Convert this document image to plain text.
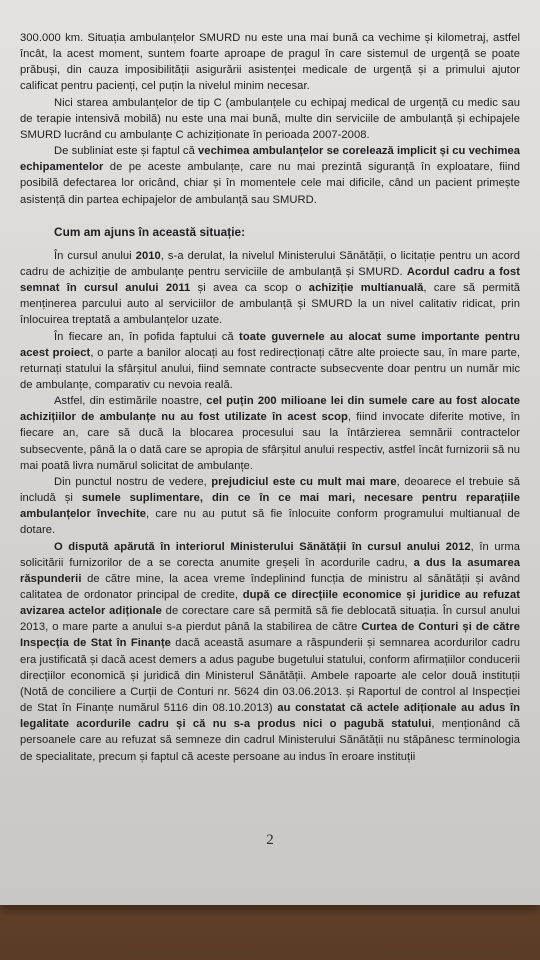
300.000 km. Situația ambulanțelor SMURD nu este una mai bună ca vechime și kilometraj, astfel încât, la acest moment, suntem foarte aproape de pragul în care sistemul de urgență se poate prăbuși, din cauza imposibilității asigurării asistenței medicale de urgență și a primului ajutor calificat pentru pacienți, cel puțin la nivelul minim necesar.

Nici starea ambulanțelor de tip C (ambulanțele cu echipaj medical de urgență cu medic sau de terapie intensivă mobilă) nu este una mai bună, multe din serviciile de ambulanță și echipajele SMURD lucrând cu ambulanțe C achiziționate în perioada 2007-2008.

De subliniat este și faptul că vechimea ambulanțelor se corelează implicit și cu vechimea echipamentelor de pe aceste ambulanțe, care nu mai prezintă siguranță în exploatare, fiind posibilă defectarea lor oricând, chiar și în momentele cele mai dificile, când un pacient primește asistență din partea echipajelor de ambulanță sau SMURD.

Cum am ajuns în această situație:

În cursul anului 2010, s-a derulat, la nivelul Ministerului Sănătății, o licitație pentru un acord cadru de achiziție de ambulanțe pentru serviciile de ambulanță și SMURD. Acordul cadru a fost semnat în cursul anului 2011 și avea ca scop o achiziție multianuală, care să permită menținerea parcului auto al serviciilor de ambulanță și SMURD la un nivel calitativ ridicat, prin înlocuirea treptată a ambulanțelor uzate.

În fiecare an, în pofida faptului că toate guvernele au alocat sume importante pentru acest proiect, o parte a banilor alocați au fost redirecționați către alte proiecte sau, în mare parte, returnați statului la sfârșitul anului, fiind semnate contracte subsecvente doar pentru un număr mic de ambulanțe, comparativ cu nevoia reală.

Astfel, din estimările noastre, cel puțin 200 milioane lei din sumele care au fost alocate achizițiilor de ambulanțe nu au fost utilizate în acest scop, fiind invocate diferite motive, în fiecare an, care să ducă la blocarea procesului sau la întârzierea semnării contractelor subsecvente, până la o dată care se apropia de sfârșitul anului respectiv, astfel încât furnizorii să nu mai poată livra numărul solicitat de ambulanțe.

Din punctul nostru de vedere, prejudiciul este cu mult mai mare, deoarece el trebuie să includă și sumele suplimentare, din ce în ce mai mari, necesare pentru reparațiile ambulanțelor învechite, care nu au putut să fie înlocuite conform programului multianual de dotare.

O dispută apărută în interiorul Ministerului Sănătății în cursul anului 2012, în urma solicitării furnizorilor de a se corecta anumite greșeli în acordurile cadru, a dus la asumarea răspunderii de către mine, la acea vreme îndeplinind funcția de ministru al sănătății și având calitatea de ordonator principal de credite, după ce direcțiile economice și juridice au refuzat avizarea actelor adiționale de corectare care să permită să fie deblocată situația. În cursul anului 2013, o mare parte a anului s-a pierdut până la stabilirea de către Curtea de Conturi și de către Inspecția de Stat în Finanțe dacă această asumare a răspunderii și semnarea acordurilor cadru era justificată și dacă acest demers a adus pagube bugetului statului, conform afirmațiilor conducerii direcțiilor economică și juridică din Ministerul Sănătății. Ambele rapoarte ale celor două instituții (Notă de conciliere a Curții de Conturi nr. 5624 din 03.06.2013. și Raportul de control al Inspecției de Stat în Finanțe numărul 5116 din 08.10.2013) au constatat că actele adiționale au adus în legalitate acordurile cadru și că nu s-a produs nici o pagubă statului, menționând că persoanele care au refuzat să semneze din cadrul Ministerului Sănătății nu stăpânesc terminologia de specialitate, precum și faptul că aceste persoane au indus în eroare instituții

2
